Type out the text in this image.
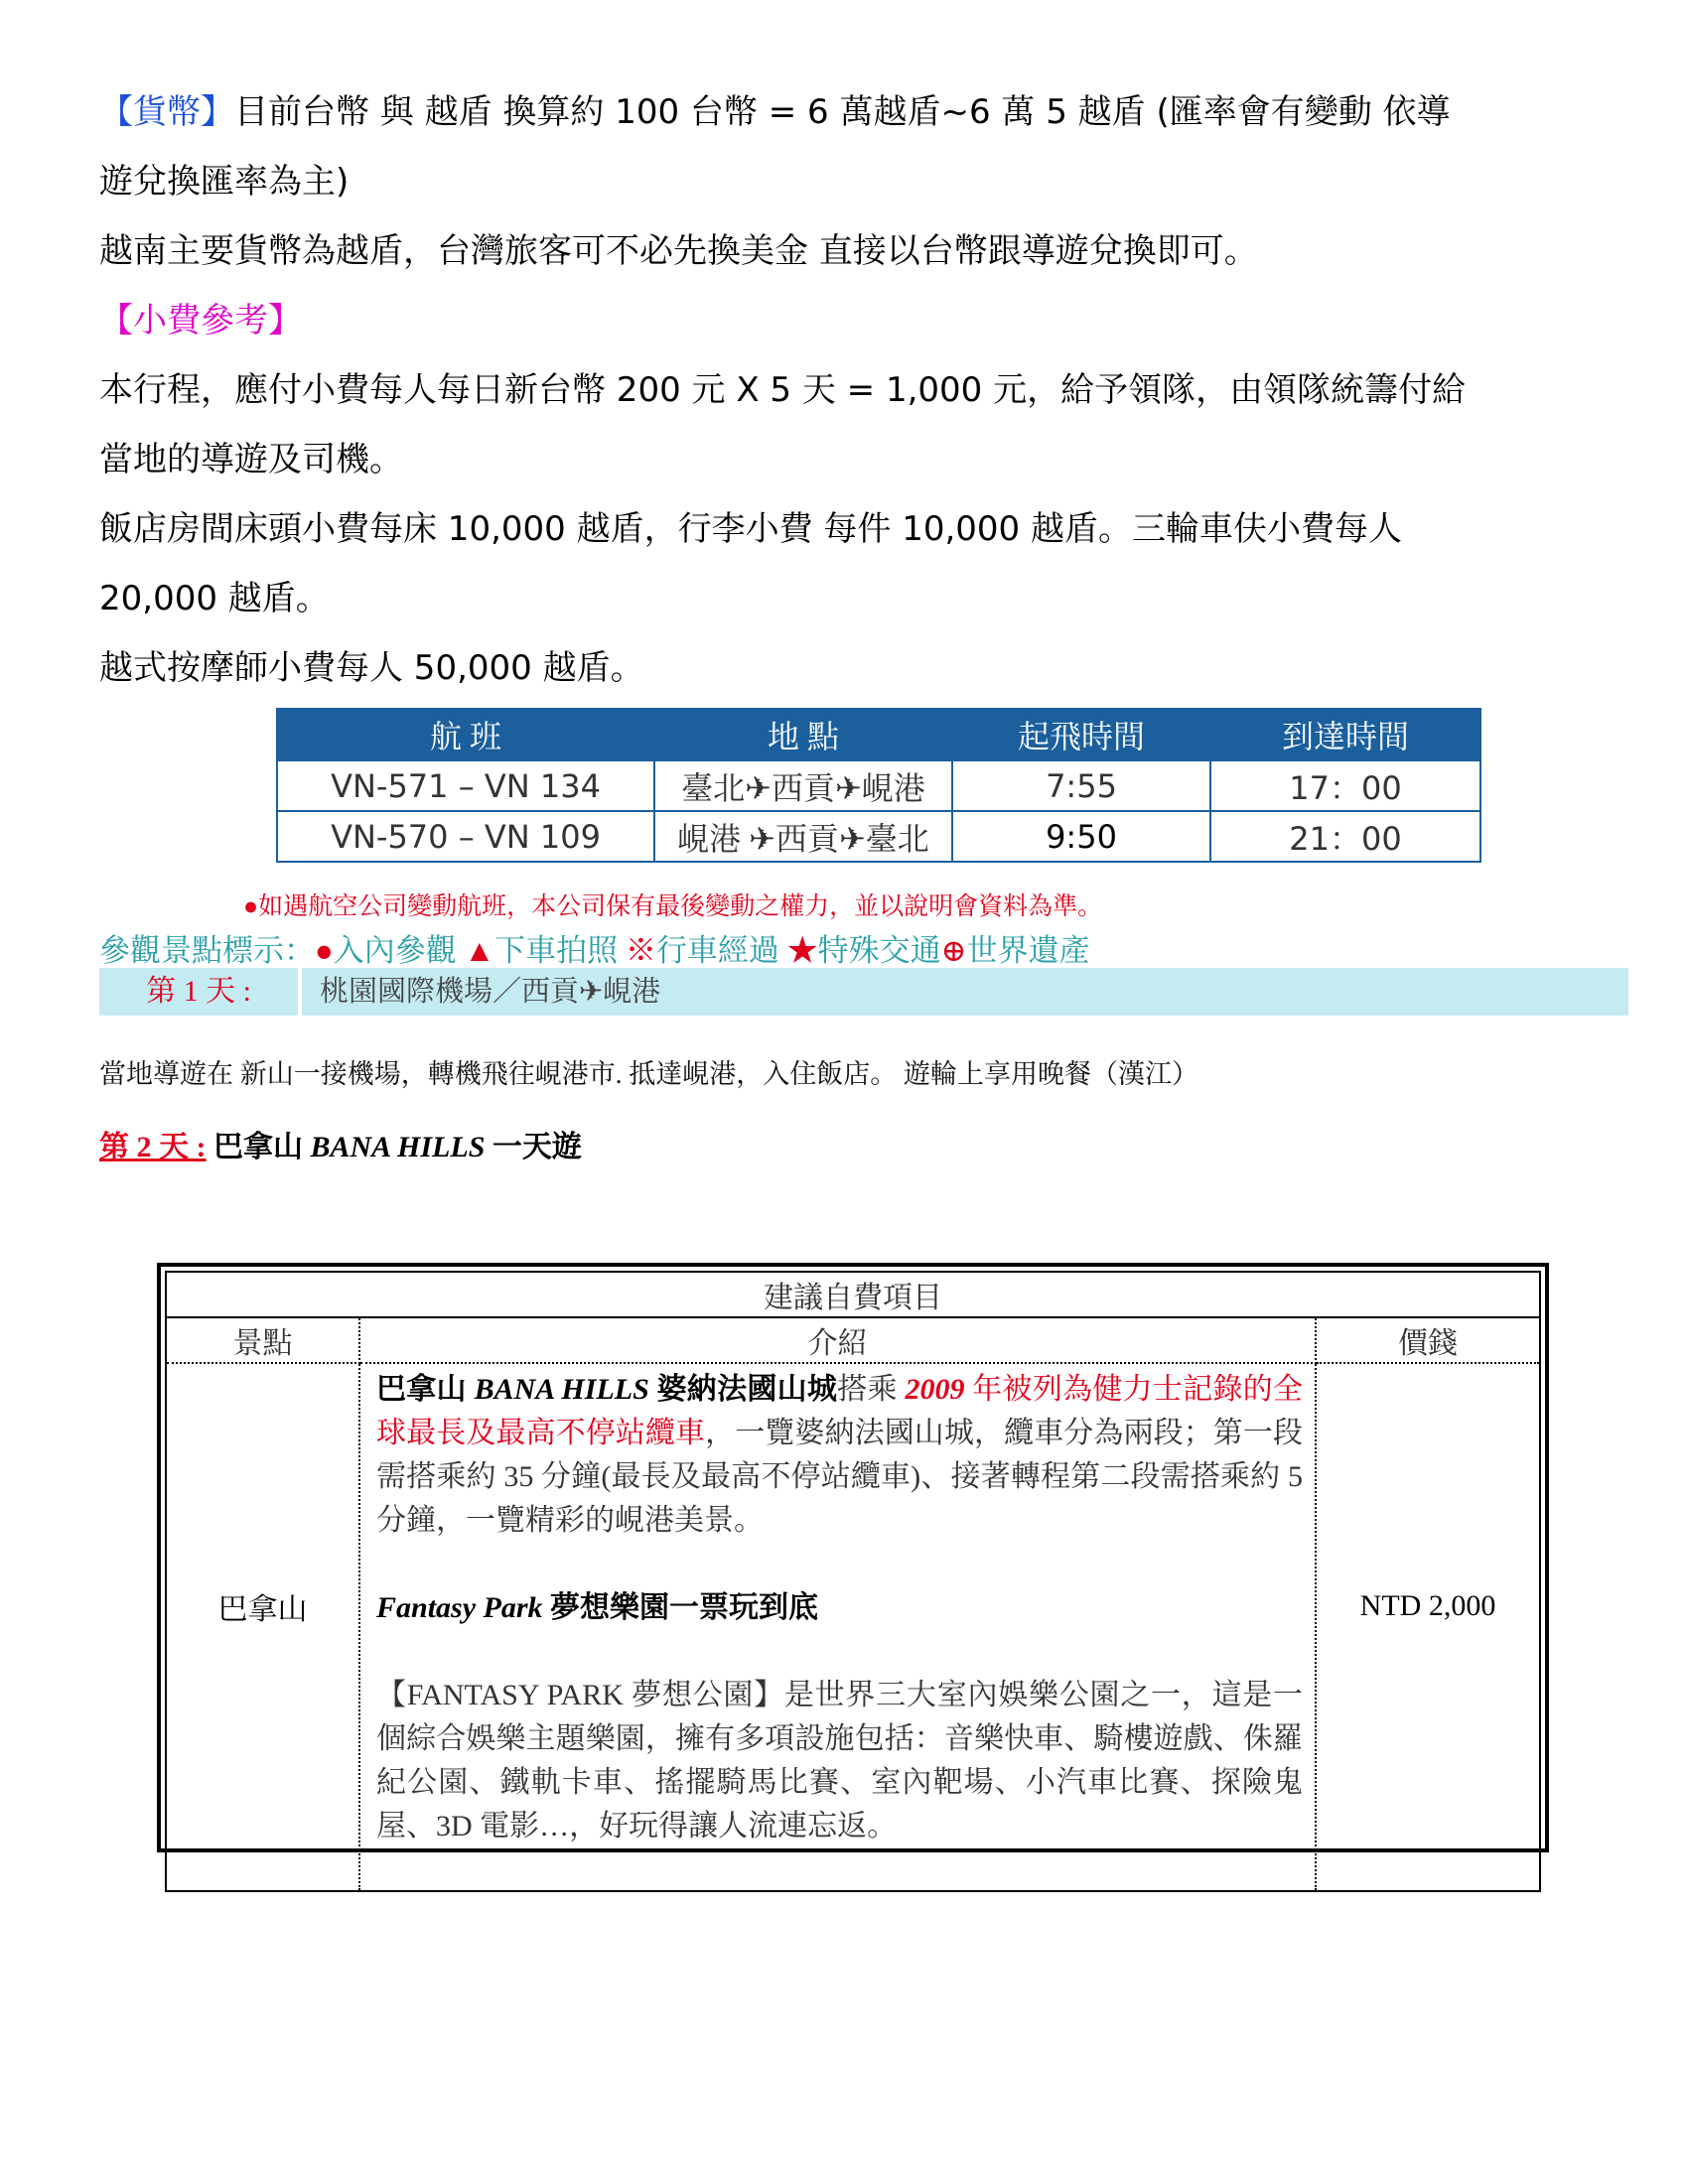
【貨幣】目前台幣 與 越盾 換算約 100 台幣 = 6 萬越盾~6 萬 5 越盾 (匯率會有變動 依導

遊兌換匯率為主)

越南主要貨幣為越盾，台灣旅客可不必先換美金 直接以台幣跟導遊兌換即可。

【小費參考】

本行程，應付小費每人每日新台幣 200 元 X 5 天 = 1,000 元，給予領隊，由領隊統籌付給

當地的導遊及司機。

飯店房間床頭小費每床 10,000 越盾，行李小費 每件 10,000 越盾。三輪車伕小費每人

20,000 越盾。

越式按摩師小費每人 50,000 越盾。

航 班	地 點	起飛時間	到達時間
VN-571 – VN 134	臺北✈西貢✈峴港	7:55	17：00
VN-570 – VN 109	峴港 ✈西貢✈臺北	9:50	21：00
●如遇航空公司變動航班，本公司保有最後變動之權力，並以說明會資料為準。
參觀景點標示：●入內參觀 ▲下車拍照 ※行車經過 ★特殊交通⊕世界遺產
第 1 天 :	桃園國際機場／西貢✈峴港
當地導遊在 新山一接機場，轉機飛往峴港市. 抵達峴港，入住飯店。 遊輪上享用晚餐（漢江）
第 2 天 : 巴拿山 BANA HILLS 一天遊
建議自費項目		
景點	介紹	價錢
巴拿山	巴拿山 BANA HILLS 婆納法國山城搭乘 2009 年被列為健力士記錄的全球最長及最高不停站纜車，一覽婆納法國山城，纜車分為兩段；第一段需搭乘約 35 分鐘(最長及最高不停站纜車)、接著轉程第二段需搭乘約 5 分鐘，一覽精彩的峴港美景。

Fantasy Park 夢想樂園一票玩到底

【FANTASY PARK 夢想公園】是世界三大室內娛樂公園之一，這是一個綜合娛樂主題樂園，擁有多項設施包括：音樂快車、騎樓遊戲、侏羅紀公園、鐵軌卡車、搖擺騎馬比賽、室內靶場、小汽車比賽、探險鬼屋、3D 電影…，好玩得讓人流連忘返。	NTD 2,000
